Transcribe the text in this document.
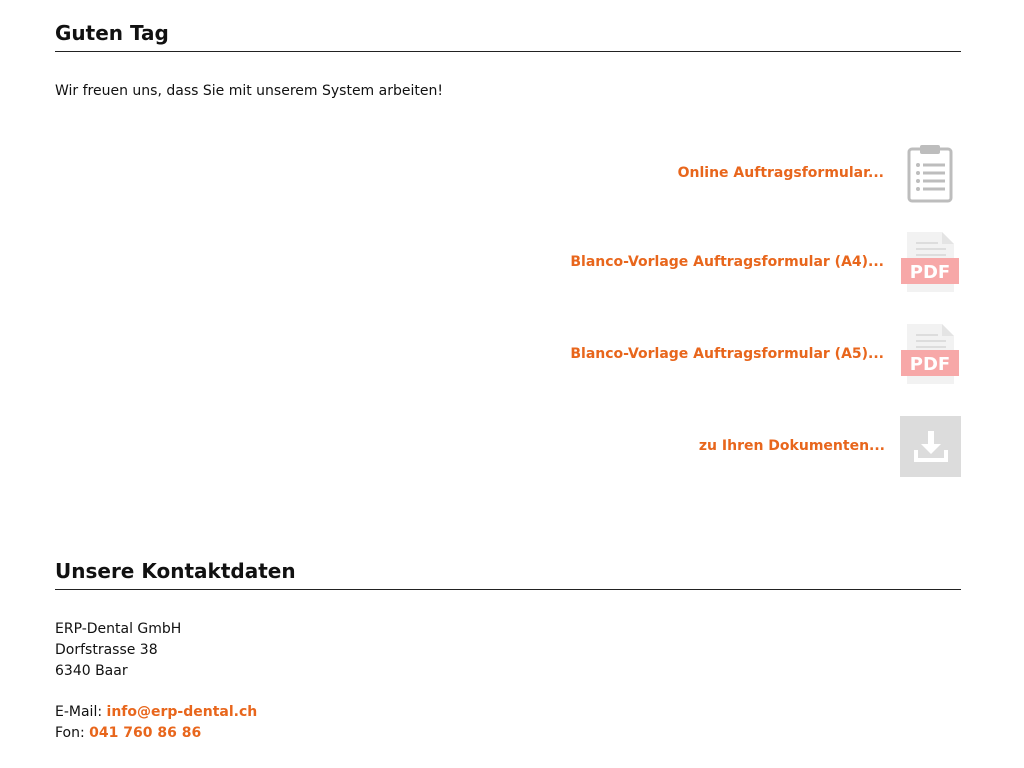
Guten Tag
Wir freuen uns, dass Sie mit unserem System arbeiten!
Online Auftragsformular...
Blanco-Vorlage Auftragsformular (A4)... PDF
Blanco-Vorlage Auftragsformular (A5)... PDF
zu Ihren Dokumenten...
Unsere Kontaktdaten
ERP-Dental GmbH
Dorfstrasse 38
6340 Baar
E-Mail: info@erp-dental.ch
Fon: 041 760 86 86
